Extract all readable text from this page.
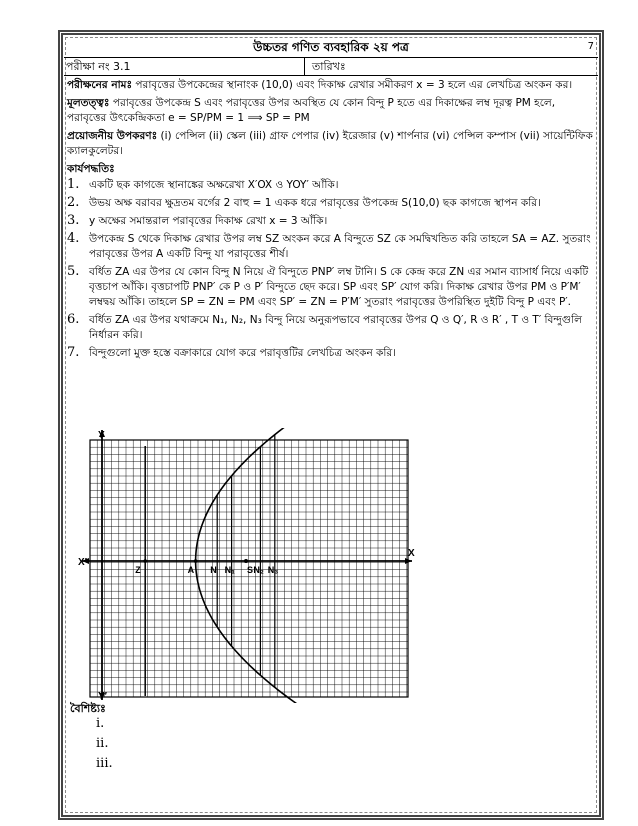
উচ্চতর গণিত ব্যবহারিক ২য় পত্র	7
পরীক্ষা নং 3.1	তারিখঃ

পরীক্ষনের নামঃ পরাবৃত্তের উপকেন্দ্রের স্থানাংক (10,0) এবং দিকাক্ষ রেখার সমীকরণ x = 3 হলে এর লেখচিত্র অংকন কর।

মূলতত্ত্বঃ পরাবৃত্তের উপকেন্দ্র S এবং পরাবৃত্তের উপর অবস্থিত যে কোন বিন্দু P হতে এর দিকাক্ষের লম্ব দূরত্ব PM হলে, পরাবৃত্তের উৎকেন্দ্রিকতা e = SP/PM = 1 ⟹ SP = PM

প্রয়োজনীয় উপকরণঃ (i) পেন্সিল (ii) স্কেল (iii) গ্রাফ পেপার (iv) ইরেজার (v) শার্পনার (vi) পেন্সিল কম্পাস (vii) সায়েন্টিফিক ক্যালকুলেটর।

কার্যপদ্ধতিঃ

1. একটি ছক কাগজে স্থানাঙ্কের অক্ষরেখা X′OX ও YOY′ আঁকি।
2. উভয় অক্ষ বরাবর ক্ষুদ্রতম বর্গের 2 বাহু = 1 একক ধরে পরাবৃত্তের উপকেন্দ্র S(10,0) ছক কাগজে স্থাপন করি।
3. y অক্ষের সমান্তরাল পরাবৃত্তের দিকাক্ষ রেখা x = 3 আঁকি।
4. উপকেন্দ্র S থেকে দিকাক্ষ রেখার উপর লম্ব SZ অংকন করে A বিন্দুতে SZ কে সমদ্বিখন্ডিত করি তাহলে SA = AZ. সুতরাং পরাবৃত্তের উপর A একটি বিন্দু যা পরাবৃত্তের শীর্ষ।
5. বর্ধিত ZA এর উপর যে কোন বিন্দু N নিয়ে ঐ বিন্দুতে PNP′ লম্ব টানি। S কে কেন্দ্র করে ZN এর সমান ব্যাসার্ধ নিয়ে একটি বৃত্তচাপ আঁকি। বৃত্তচাপটি PNP′ কে P ও P′ বিন্দুতে ছেদ করে। SP এবং SP′ যোগ করি। দিকাক্ষ রেখার উপর PM ও P′M′ লম্বদ্বয় আঁকি। তাহলে SP = ZN = PM এবং SP′ = ZN = P′M′ সুতরাং পরাবৃত্তের উপরিস্থিত দুইটি বিন্দু P এবং P′.
6. বর্ধিত ZA এর উপর যথাক্রমে N₁, N₂, N₃ বিন্দু নিয়ে অনুরূপভাবে পরাবৃত্তের উপর Q ও Q′, R ও R′ , T ও T′ বিন্দুগুলি নির্ধারন করি।
7. বিন্দুগুলো মুক্ত হস্তে বক্রাকারে যোগ করে পরাবৃত্তটির লেখচিত্র অংকন করি।
X
X′
Y
Y′
Z	A N N₁ N₂ N₃
S
বৈশিষ্ট্যঃ
i.
ii.
iii.
